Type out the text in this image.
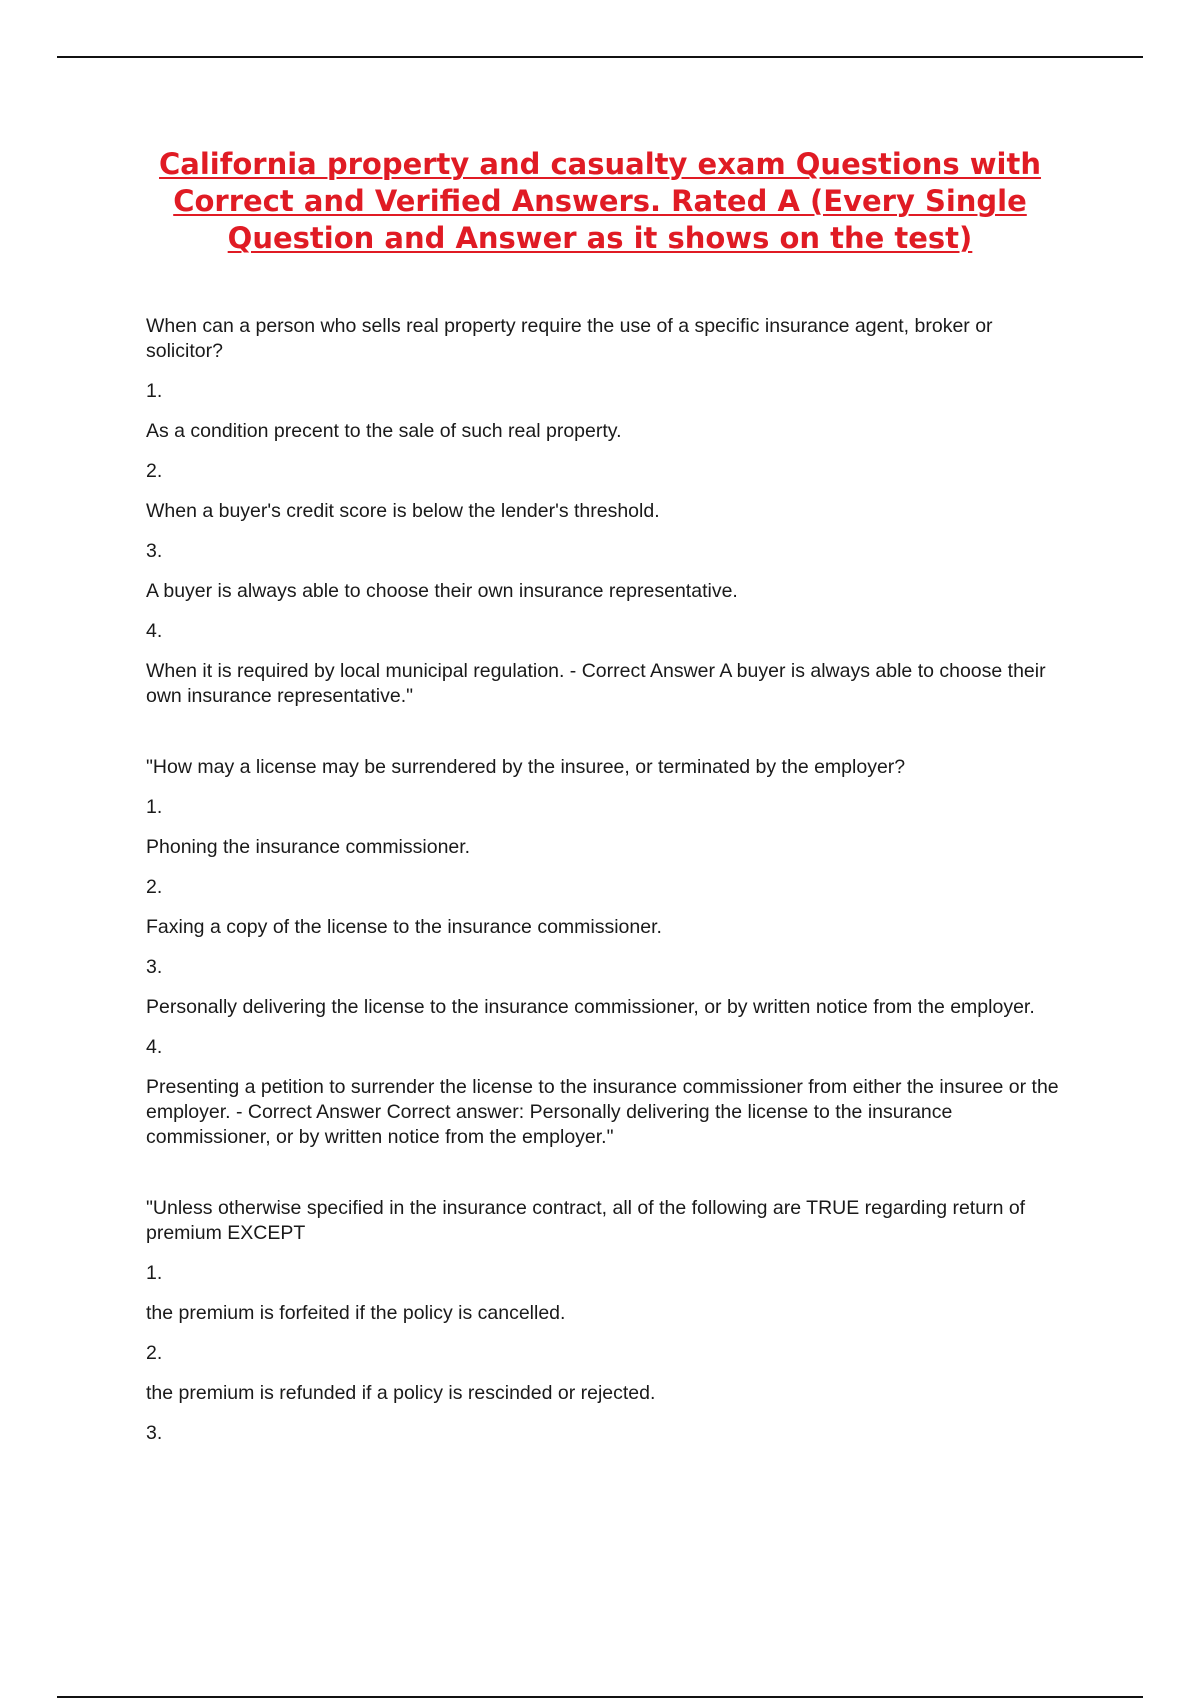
California property and casualty exam Questions with Correct and Verified Answers. Rated A (Every Single Question and Answer as it shows on the test)

When can a person who sells real property require the use of a specific insurance agent, broker or solicitor?

1.

As a condition precent to the sale of such real property.

2.

When a buyer's credit score is below the lender's threshold.

3.

A buyer is always able to choose their own insurance representative.

4.

When it is required by local municipal regulation. - Correct Answer A buyer is always able to choose their own insurance representative."

"How may a license may be surrendered by the insuree, or terminated by the employer?

1.

Phoning the insurance commissioner.

2.

Faxing a copy of the license to the insurance commissioner.

3.

Personally delivering the license to the insurance commissioner, or by written notice from the employer.

4.

Presenting a petition to surrender the license to the insurance commissioner from either the insuree or the employer. - Correct Answer Correct answer: Personally delivering the license to the insurance commissioner, or by written notice from the employer."

"Unless otherwise specified in the insurance contract, all of the following are TRUE regarding return of premium EXCEPT

1.

the premium is forfeited if the policy is cancelled.

2.

the premium is refunded if a policy is rescinded or rejected.

3.
